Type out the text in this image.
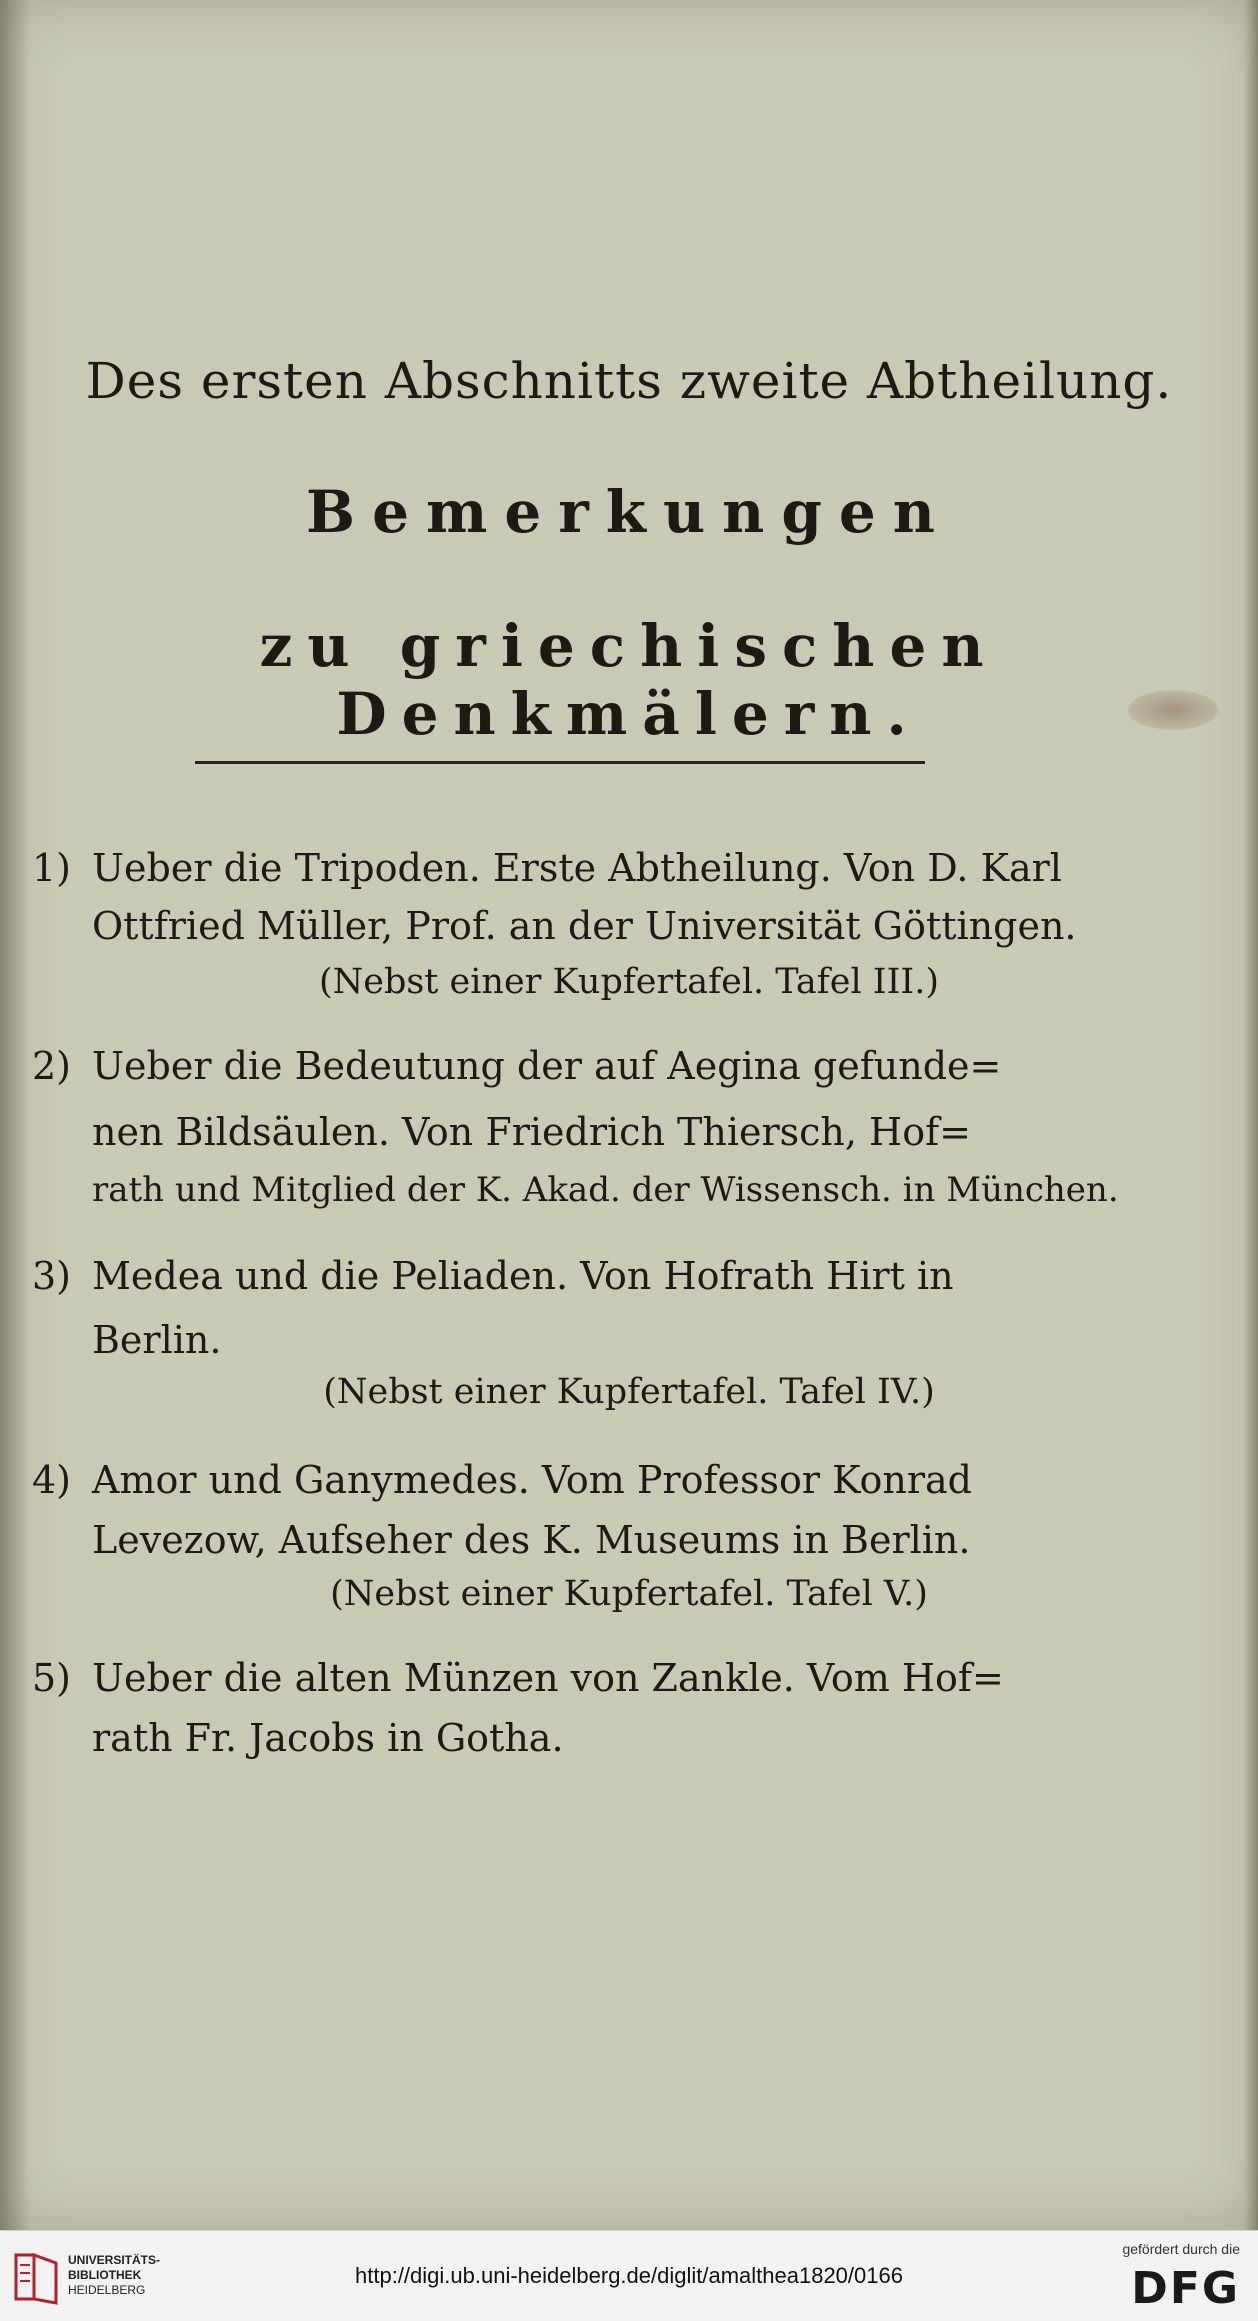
Des ersten Abschnitts zweite Abtheilung.
Bemerkungen
zu griechischen Denkmälern.
1) Ueber die Tripoden. Erste Abtheilung. Von D. Karl
Ottfried Müller, Prof. an der Universität Göttingen.
(Nebst einer Kupfertafel. Tafel III.)
2) Ueber die Bedeutung der auf Aegina gefunde=
nen Bildsäulen. Von Friedrich Thiersch, Hof=
rath und Mitglied der K. Akad. der Wissensch. in München.
3) Medea und die Peliaden. Von Hofrath Hirt in
Berlin.
(Nebst einer Kupfertafel. Tafel IV.)
4) Amor und Ganymedes. Vom Professor Konrad
Levezow, Aufseher des K. Museums in Berlin.
(Nebst einer Kupfertafel. Tafel V.)
5) Ueber die alten Münzen von Zankle. Vom Hof=
rath Fr. Jacobs in Gotha.
UNIVERSITÄTS-
BIBLIOTHEK
HEIDELBERG
http://digi.ub.uni-heidelberg.de/diglit/amalthea1820/0166
gefördert durch die
DFG
